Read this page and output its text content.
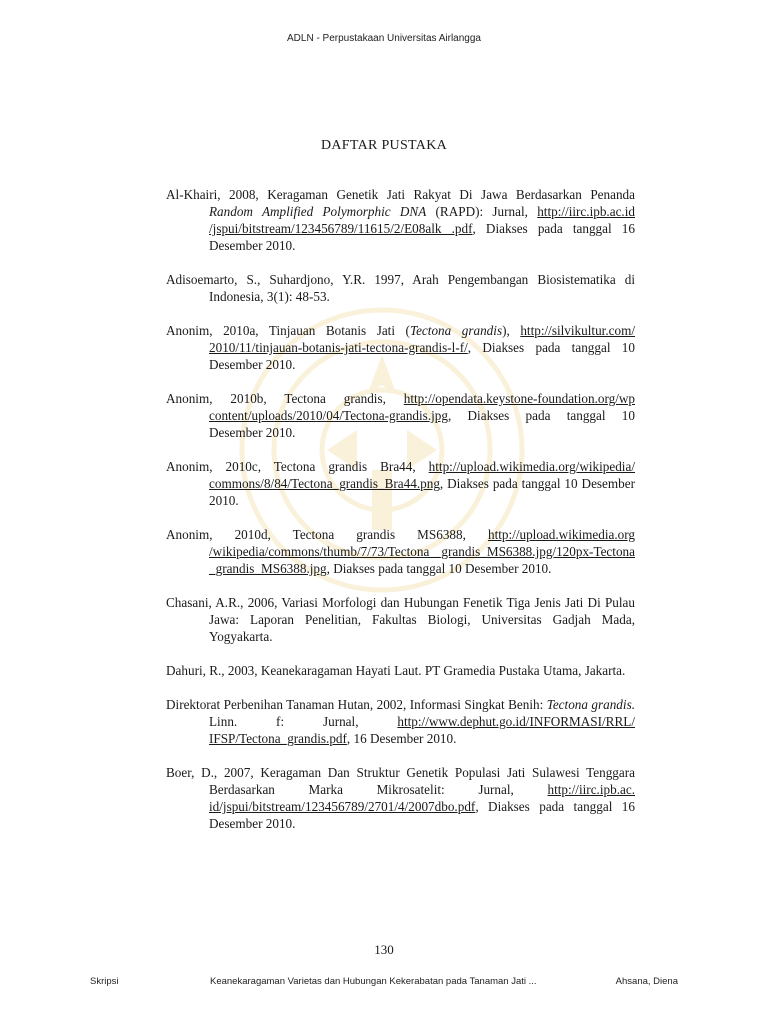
ADLN - Perpustakaan Universitas Airlangga
DAFTAR PUSTAKA

Al-Khairi, 2008, Keragaman Genetik Jati Rakyat Di Jawa Berdasarkan Penanda Random Amplified Polymorphic DNA (RAPD): Jurnal, http://iirc.ipb.ac.id /jspui/bitstream/123456789/11615/2/E08alk .pdf, Diakses pada tanggal 16 Desember 2010.

Adisoemarto, S., Suhardjono, Y.R. 1997, Arah Pengembangan Biosistematika di Indonesia, 3(1): 48-53.

Anonim, 2010a, Tinjauan Botanis Jati (Tectona grandis), http://silvikultur.com/ 2010/11/tinjauan-botanis-jati-tectona-grandis-l-f/, Diakses pada tanggal 10 Desember 2010.

Anonim, 2010b, Tectona grandis, http://opendata.keystone-foundation.org/wp content/uploads/2010/04/Tectona-grandis.jpg, Diakses pada tanggal 10 Desember 2010.

Anonim, 2010c, Tectona grandis Bra44, http://upload.wikimedia.org/wikipedia/ commons/8/84/Tectona_grandis_Bra44.png, Diakses pada tanggal 10 Desember 2010.

Anonim, 2010d, Tectona grandis MS6388, http://upload.wikimedia.org /wikipedia/commons/thumb/7/73/Tectona _grandis_MS6388.jpg/120px-Tectona _grandis_MS6388.jpg, Diakses pada tanggal 10 Desember 2010.

Chasani, A.R., 2006, Variasi Morfologi dan Hubungan Fenetik Tiga Jenis Jati Di Pulau Jawa: Laporan Penelitian, Fakultas Biologi, Universitas Gadjah Mada, Yogyakarta.

Dahuri, R., 2003, Keanekaragaman Hayati Laut. PT Gramedia Pustaka Utama, Jakarta.

Direktorat Perbenihan Tanaman Hutan, 2002, Informasi Singkat Benih: Tectona grandis. Linn. f: Jurnal, http://www.dephut.go.id/INFORMASI/RRL/ IFSP/Tectona_grandis.pdf, 16 Desember 2010.

Boer, D., 2007, Keragaman Dan Struktur Genetik Populasi Jati Sulawesi Tenggara Berdasarkan Marka Mikrosatelit: Jurnal, http://iirc.ipb.ac. id/jspui/bitstream/123456789/2701/4/2007dbo.pdf, Diakses pada tanggal 16 Desember 2010.

130
Skripsi	Keanekaragaman Varietas dan Hubungan Kekerabatan pada Tanaman Jati ...	Ahsana, Diena
